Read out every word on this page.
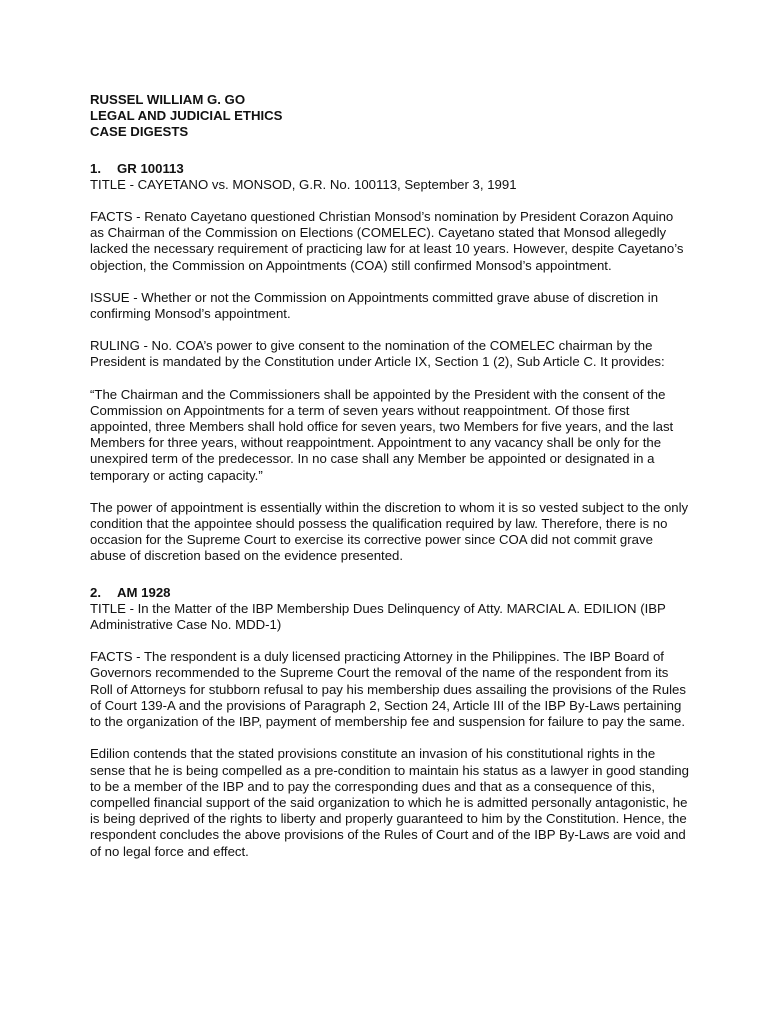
RUSSEL WILLIAM G. GO

LEGAL AND JUDICIAL ETHICS

CASE DIGESTS

1. GR 100113

TITLE - CAYETANO vs. MONSOD, G.R. No. 100113, September 3, 1991

FACTS - Renato Cayetano questioned Christian Monsod’s nomination by President Corazon Aquino as Chairman of the Commission on Elections (COMELEC). Cayetano stated that Monsod allegedly lacked the necessary requirement of practicing law for at least 10 years. However, despite Cayetano’s objection, the Commission on Appointments (COA) still confirmed Monsod’s appointment.

ISSUE - Whether or not the Commission on Appointments committed grave abuse of discretion in confirming Monsod’s appointment.

RULING - No. COA’s power to give consent to the nomination of the COMELEC chairman by the President is mandated by the Constitution under Article IX, Section 1 (2), Sub Article C. It provides:

“The Chairman and the Commissioners shall be appointed by the President with the consent of the Commission on Appointments for a term of seven years without reappointment. Of those first appointed, three Members shall hold office for seven years, two Members for five years, and the last Members for three years, without reappointment. Appointment to any vacancy shall be only for the unexpired term of the predecessor. In no case shall any Member be appointed or designated in a temporary or acting capacity.”

The power of appointment is essentially within the discretion to whom it is so vested subject to the only condition that the appointee should possess the qualification required by law. Therefore, there is no occasion for the Supreme Court to exercise its corrective power since COA did not commit grave abuse of discretion based on the evidence presented.

2. AM 1928

TITLE - In the Matter of the IBP Membership Dues Delinquency of Atty. MARCIAL A. EDILION (IBP Administrative Case No. MDD-1)

FACTS - The respondent is a duly licensed practicing Attorney in the Philippines. The IBP Board of Governors recommended to the Supreme Court the removal of the name of the respondent from its Roll of Attorneys for stubborn refusal to pay his membership dues assailing the provisions of the Rules of Court 139-A and the provisions of Paragraph 2, Section 24, Article III of the IBP By-Laws pertaining to the organization of the IBP, payment of membership fee and suspension for failure to pay the same.

Edilion contends that the stated provisions constitute an invasion of his constitutional rights in the sense that he is being compelled as a pre-condition to maintain his status as a lawyer in good standing to be a member of the IBP and to pay the corresponding dues and that as a consequence of this, compelled financial support of the said organization to which he is admitted personally antagonistic, he is being deprived of the rights to liberty and properly guaranteed to him by the Constitution. Hence, the respondent concludes the above provisions of the Rules of Court and of the IBP By-Laws are void and of no legal force and effect.
